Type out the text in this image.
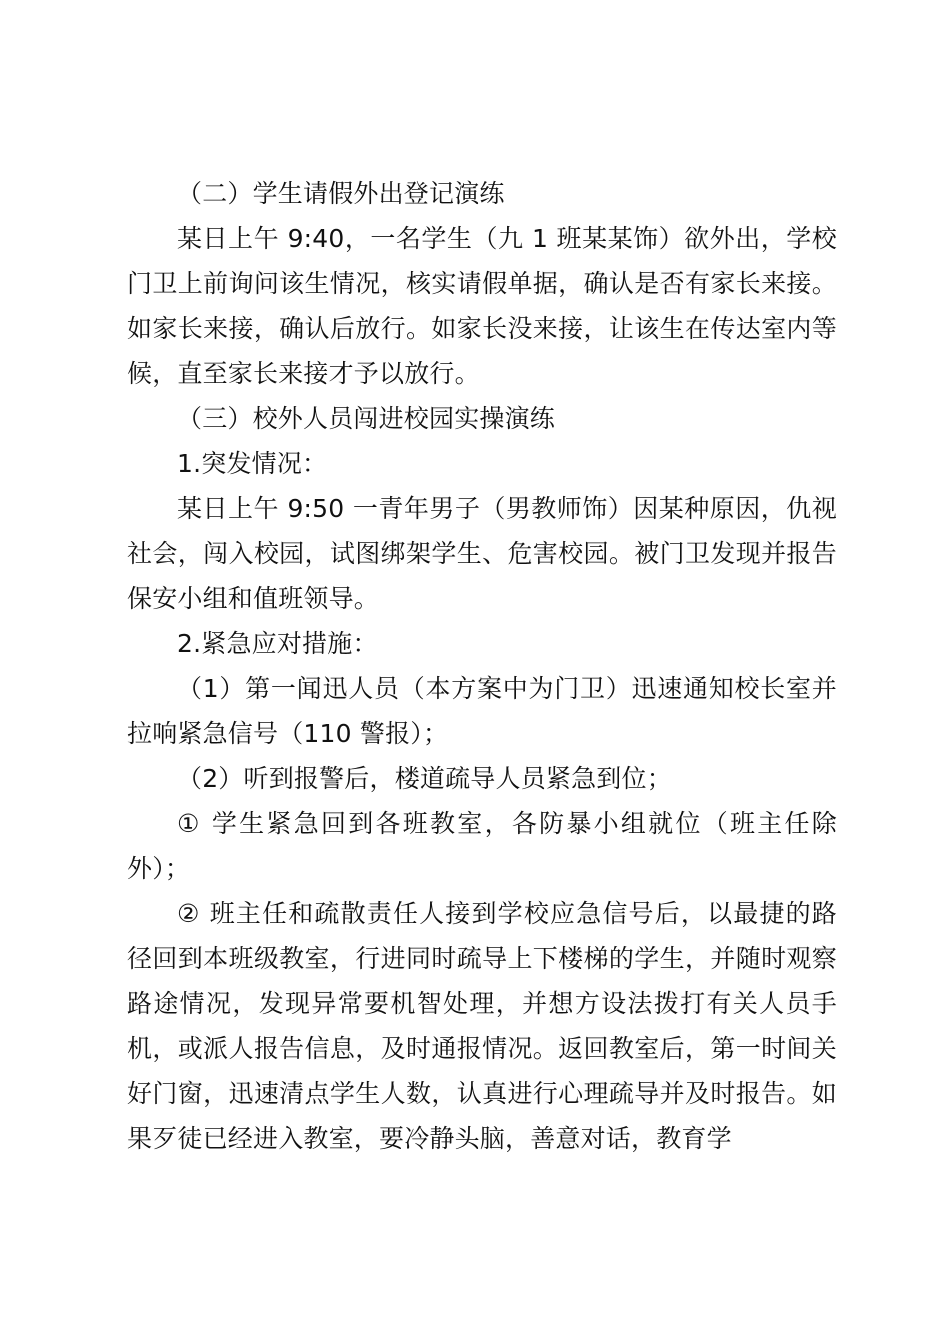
（二）学生请假外出登记演练

某日上午 9:40，一名学生（九 1 班某某饰）欲外出，学校门卫上前询问该生情况，核实请假单据，确认是否有家长来接。如家长来接，确认后放行。如家长没来接，让该生在传达室内等候，直至家长来接才予以放行。

（三）校外人员闯进校园实操演练

1.突发情况：

某日上午 9:50 一青年男子（男教师饰）因某种原因，仇视社会，闯入校园，试图绑架学生、危害校园。被门卫发现并报告保安小组和值班领导。

2.紧急应对措施：

（1）第一闻迅人员（本方案中为门卫）迅速通知校长室并拉响紧急信号（110 警报）；

（2）听到报警后，楼道疏导人员紧急到位；

① 学生紧急回到各班教室，各防暴小组就位（班主任除外）；

② 班主任和疏散责任人接到学校应急信号后，以最捷的路径回到本班级教室，行进同时疏导上下楼梯的学生，并随时观察路途情况，发现异常要机智处理，并想方设法拨打有关人员手机，或派人报告信息，及时通报情况。返回教室后，第一时间关好门窗，迅速清点学生人数，认真进行心理疏导并及时报告。如果歹徒已经进入教室，要冷静头脑，善意对话，教育学
